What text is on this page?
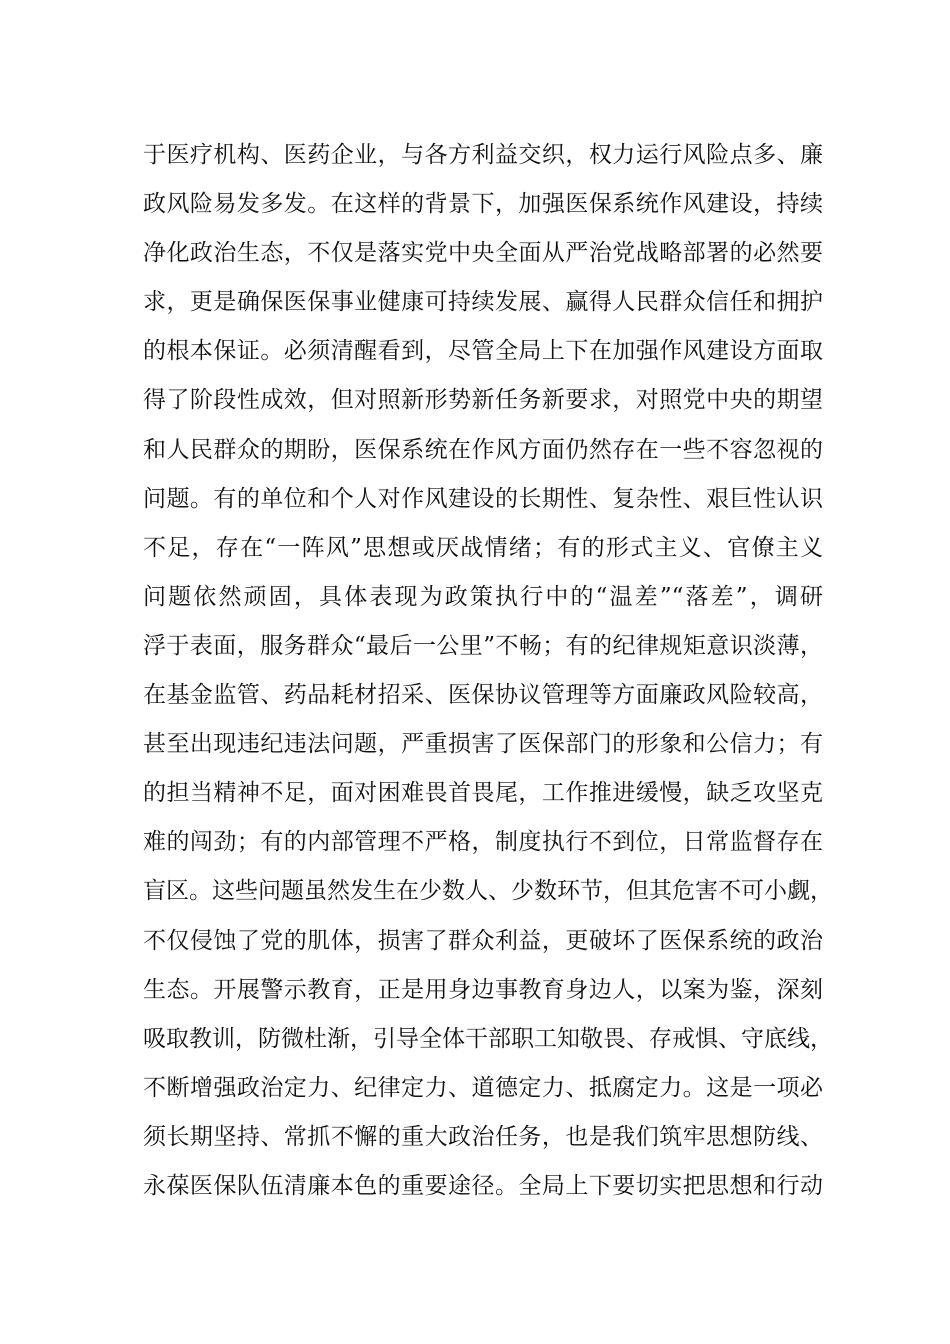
于医疗机构、医药企业，与各方利益交织，权力运行风险点多、廉
政风险易发多发。在这样的背景下，加强医保系统作风建设，持续
净化政治生态，不仅是落实党中央全面从严治党战略部署的必然要
求，更是确保医保事业健康可持续发展、赢得人民群众信任和拥护
的根本保证。必须清醒看到，尽管全局上下在加强作风建设方面取
得了阶段性成效，但对照新形势新任务新要求，对照党中央的期望
和人民群众的期盼，医保系统在作风方面仍然存在一些不容忽视的
问题。有的单位和个人对作风建设的长期性、复杂性、艰巨性认识
不足，存在“一阵风”思想或厌战情绪；有的形式主义、官僚主义
问题依然顽固，具体表现为政策执行中的“温差”“落差”，调研
浮于表面，服务群众“最后一公里”不畅；有的纪律规矩意识淡薄，
在基金监管、药品耗材招采、医保协议管理等方面廉政风险较高，
甚至出现违纪违法问题，严重损害了医保部门的形象和公信力；有
的担当精神不足，面对困难畏首畏尾，工作推进缓慢，缺乏攻坚克
难的闯劲；有的内部管理不严格，制度执行不到位，日常监督存在
盲区。这些问题虽然发生在少数人、少数环节，但其危害不可小觑，
不仅侵蚀了党的肌体，损害了群众利益，更破坏了医保系统的政治
生态。开展警示教育，正是用身边事教育身边人，以案为鉴，深刻
吸取教训，防微杜渐，引导全体干部职工知敬畏、存戒惧、守底线，
不断增强政治定力、纪律定力、道德定力、抵腐定力。这是一项必
须长期坚持、常抓不懈的重大政治任务，也是我们筑牢思想防线、
永葆医保队伍清廉本色的重要途径。全局上下要切实把思想和行动
